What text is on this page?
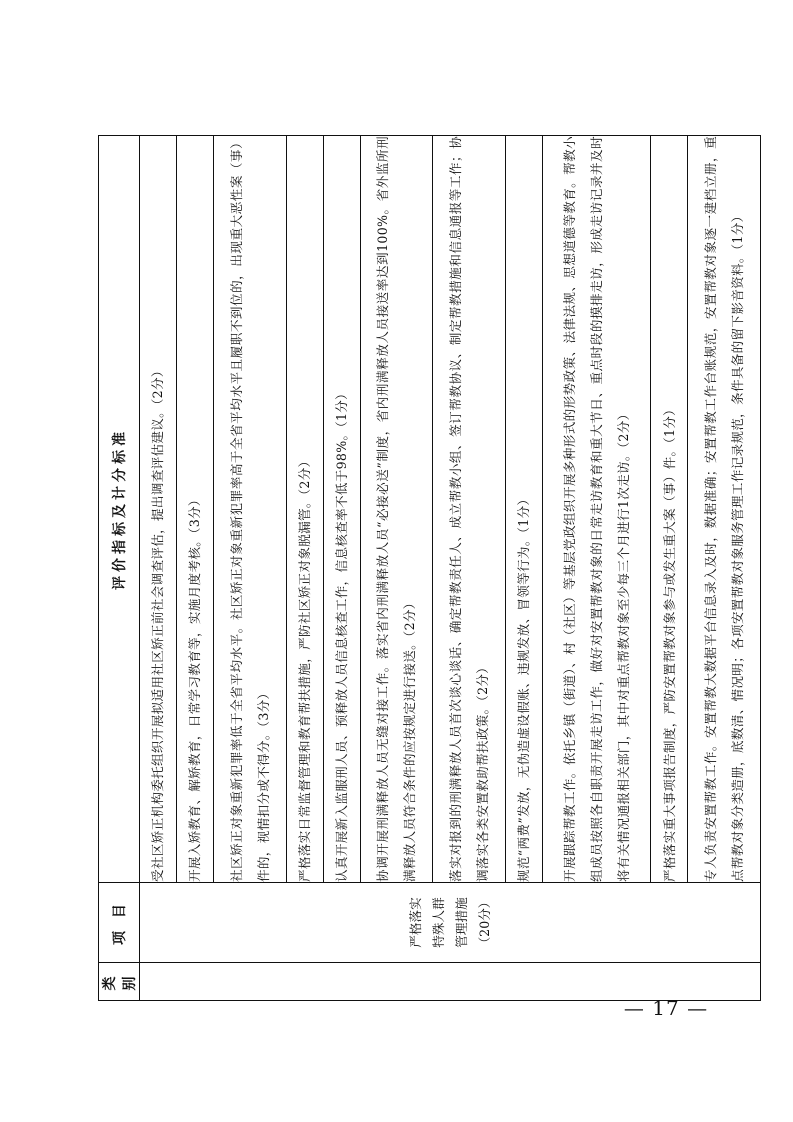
类 别	项 目	评价指标及计分标准

	严格落实 特殊人群 管理措施 （20分）	受社区矫正机构委托组织开展拟适用社区矫正前社会调查评估，提出调查评估建议。（2分）
		开展入矫教育、解矫教育，日常学习教育等，实施月度考核。（3分）
		社区矫正对象重新犯罪率低于全省平均水平。社区矫正对象重新犯罪率高于全省平均水平且履职不到位的，出现重大恶性案（事）件的，视情扣分或不得分。（3分）
		严格落实日常监督管理和教育帮扶措施，严防社区矫正对象脱漏管。（2分）
		认真开展新入监服刑人员、预释放人员信息核查工作，信息核查率不低于98%。（1分）
		协调开展刑满释放人员无缝对接工作。落实省内刑满释放人员“必接必送”制度，省内刑满释放人员接送率达到100%。省外监所刑满释放人员符合条件的应按规定进行接送。（2分）
		落实对报到的刑满释放人员首次谈心谈话、确定帮教责任人、成立帮教小组、签订帮教协议、制定帮教措施和信息通报等工作；协调落实各类安置救助帮扶政策。（2分）
		规范“两费”发放，无伪造虚设假账、违规发放、冒领等行为。（1分）
		开展跟踪帮教工作。依托乡镇（街道）、村（社区）等基层党政组织开展多种形式的形势政策、法律法规、思想道德等教育。帮教小组成员按照各自职责开展走访工作，做好对安置帮教对象的日常走访教育和重大节日、重点时段的摸排走访，形成走访记录并及时将有关情况通报相关部门，其中对重点帮教对象至少每三个月进行1次走访。（2分）
		严格落实重大事项报告制度，严防安置帮教对象参与或发生重大案（事）件。（1分）
		专人负责安置帮教工作。安置帮教大数据平台信息录入及时，数据准确；安置帮教工作台账规范，安置帮教对象逐一建档立册，重点帮教对象分类造册，底数清、情况明；各项安置帮教对象服务管理工作记录规范，条件具备的留下影音资料。（1分）
— 17 —
